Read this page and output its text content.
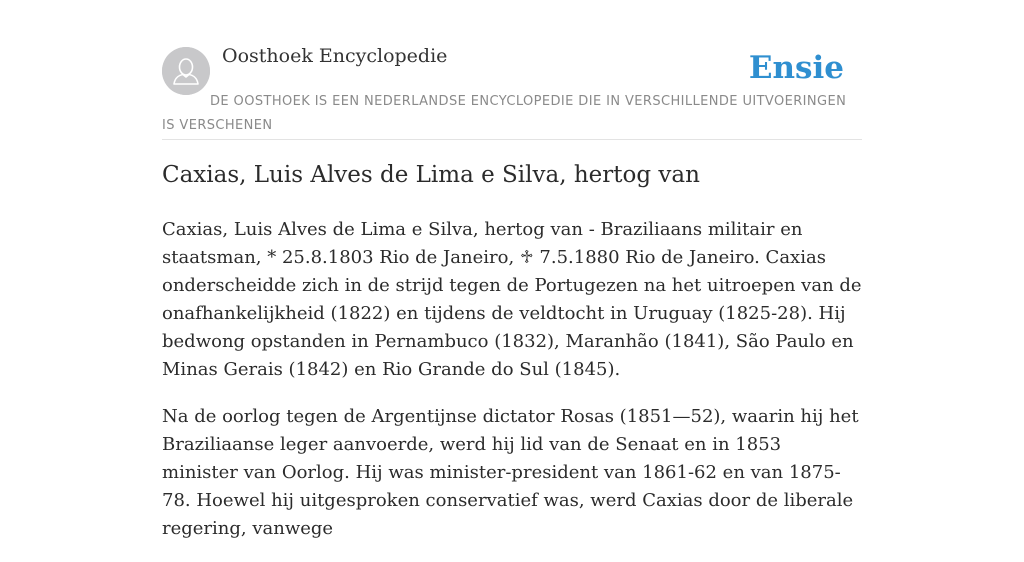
Oosthoek Encyclopedie	Ensie
DE OOSTHOEK IS EEN NEDERLANDSE ENCYCLOPEDIE DIE IN VERSCHILLENDE UITVOERINGEN IS VERSCHENEN
Caxias, Luis Alves de Lima e Silva, hertog van

Caxias, Luis Alves de Lima e Silva, hertog van - Braziliaans militair en staatsman, * 25.8.1803 Rio de Janeiro, ♱ 7.5.1880 Rio de Janeiro. Caxias onderscheidde zich in de strijd tegen de Portugezen na het uitroepen van de onafhankelijkheid (1822) en tijdens de veldtocht in Uruguay (1825-28). Hij bedwong opstanden in Pernambuco (1832), Maranhão (1841), São Paulo en Minas Gerais (1842) en Rio Grande do Sul (1845).

Na de oorlog tegen de Argentijnse dictator Rosas (1851—52), waarin hij het Braziliaanse leger aanvoerde, werd hij lid van de Senaat en in 1853 minister van Oorlog. Hij was minister-president van 1861-62 en van 1875-78. Hoewel hij uitgesproken conservatief was, werd Caxias door de liberale regering, vanwege
